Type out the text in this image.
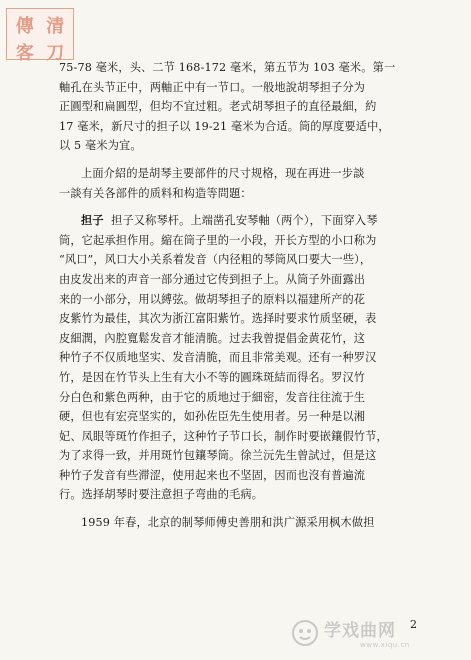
傳 清
客 刀
75-78 毫米，头、二节 168-172 毫米，第五节为 103 毫米。第一
軸孔在头节正中，两軸正中有一节口。一般地說胡琴担子分为
正圓型和扁圓型，但均不宜过粗。老式胡琴担子的直径最細，約
17 毫米，新尺寸的担子以 19-21 毫米为合适。筒的厚度要适中，
以 5 毫米为宜。
上面介紹的是胡琴主要部件的尺寸规格，现在再进一步談
一談有关各部件的质料和构造等問題：
担子 担子又称琴杆。上端凿孔安琴軸（两个），下面穿入琴
筒，它起承担作用。縮在筒子里的一小段，开长方型的小口称为
“风口”，风口大小关系着发音（内径粗的琴筒风口要大一些），
由皮发出来的声音一部分通过它传到担子上。从筒子外面露出
来的一小部分，用以縛弦。做胡琴担子的原料以福建所产的花
皮紫竹为最佳，其次为浙江富阳紫竹。选择时要求竹质坚硬，表
皮細潤，內腔寬鬆发音才能清脆。过去我曾提倡金黄花竹，这
种竹子不仅质地坚实、发音清脆，而且非常美观。还有一种罗汉
竹，是因在竹节头上生有大小不等的圓珠斑結而得名。罗汉竹
分白色和紫色两种，由于它的质地过于細密，发音往往流于生
硬，但也有宏亮坚实的，如孙佐臣先生使用者。另一种是以湘
妃、凤眼等斑竹作担子，这种竹子节口长，制作时要嵌鑲假竹节，
为了求得一致，并用斑竹包鑲琴筒。徐兰沅先生曾試过，但是这
种竹子发音有些滞涩，使用起来也不坚固，因而也沒有普遍流
行。选择胡琴时要注意担子弯曲的毛病。
1959 年春，北京的制琴师傅史善朋和洪广源采用枫木做担
2
学戏曲网
www.xiqu.cn
